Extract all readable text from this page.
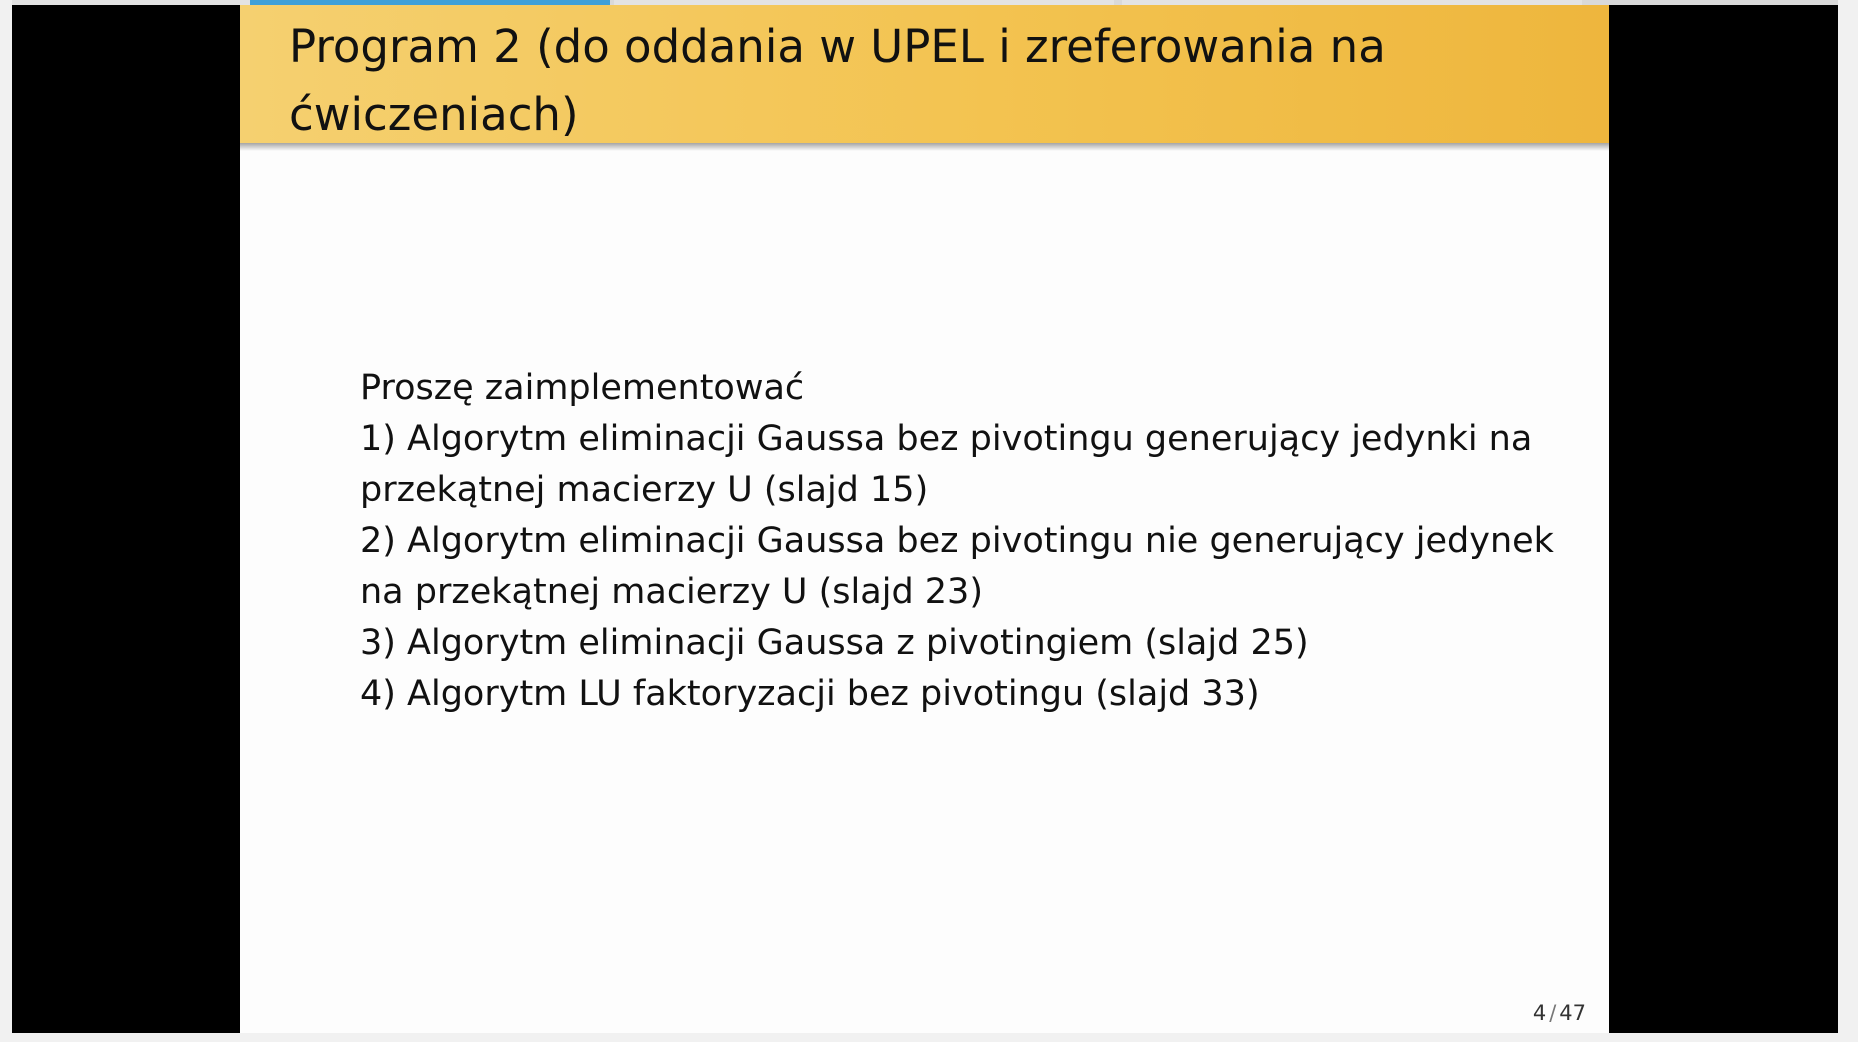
Program 2 (do oddania w UPEL i zreferowania na
ćwiczeniach)
Proszę zaimplementować
1) Algorytm eliminacji Gaussa bez pivotingu generujący jedynki na przekątnej macierzy U (slajd 15)
2) Algorytm eliminacji Gaussa bez pivotingu nie generujący jedynek na przekątnej macierzy U (slajd 23)
3) Algorytm eliminacji Gaussa z pivotingiem (slajd 25)
4) Algorytm LU faktoryzacji bez pivotingu (slajd 33)
4 / 47
